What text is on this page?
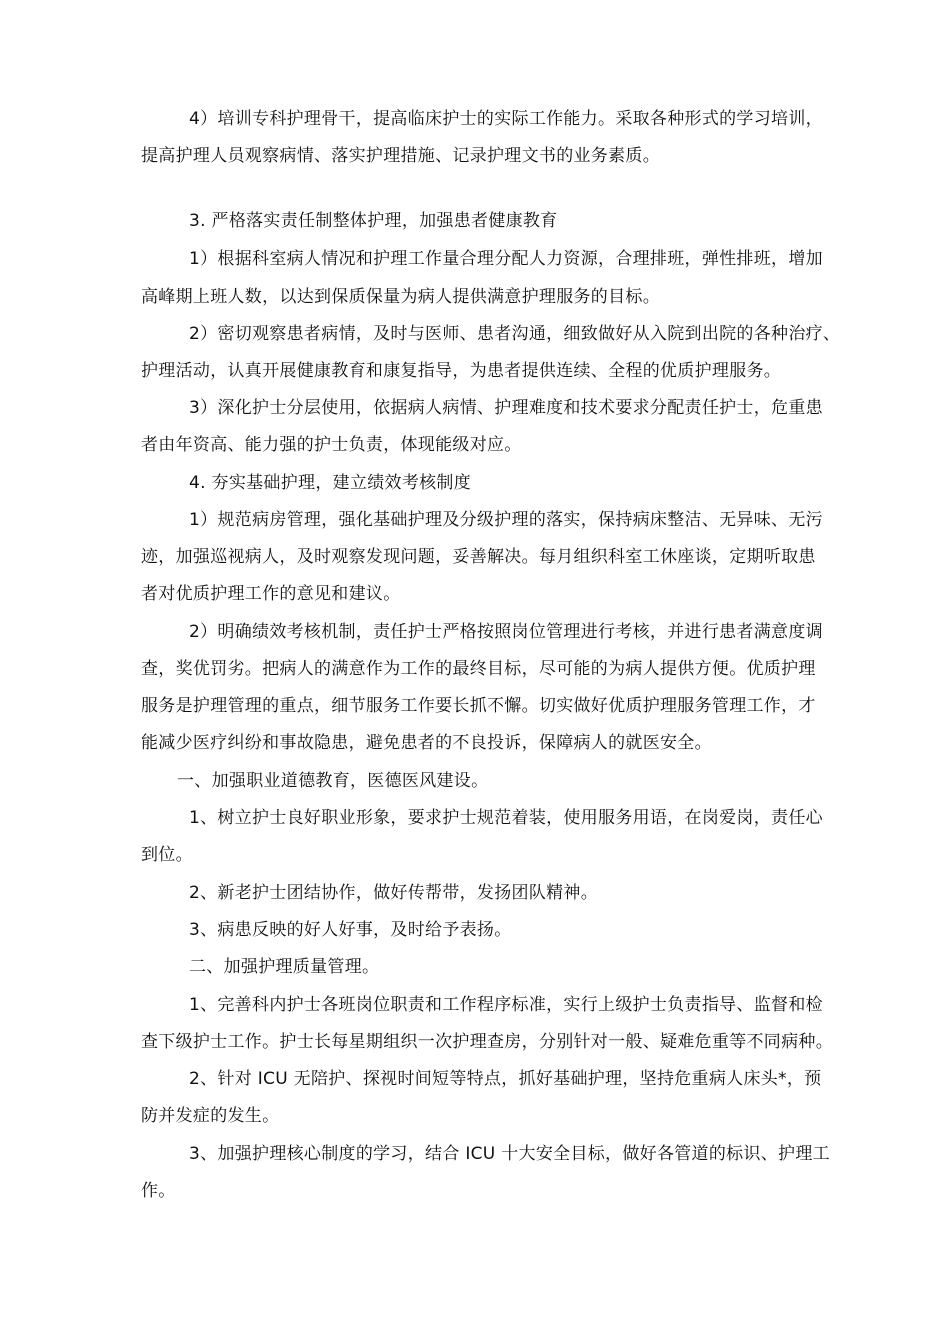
4）培训专科护理骨干，提高临床护士的实际工作能力。采取各种形式的学习培训，
提高护理人员观察病情、落实护理措施、记录护理文书的业务素质。
3. 严格落实责任制整体护理，加强患者健康教育
1）根据科室病人情况和护理工作量合理分配人力资源，合理排班，弹性排班，增加
高峰期上班人数，以达到保质保量为病人提供满意护理服务的目标。
2）密切观察患者病情，及时与医师、患者沟通，细致做好从入院到出院的各种治疗、
护理活动，认真开展健康教育和康复指导，为患者提供连续、全程的优质护理服务。
3）深化护士分层使用，依据病人病情、护理难度和技术要求分配责任护士，危重患
者由年资高、能力强的护士负责，体现能级对应。
4. 夯实基础护理，建立绩效考核制度
1）规范病房管理，强化基础护理及分级护理的落实，保持病床整洁、无异味、无污
迹，加强巡视病人，及时观察发现问题，妥善解决。每月组织科室工休座谈，定期听取患
者对优质护理工作的意见和建议。
2）明确绩效考核机制，责任护士严格按照岗位管理进行考核，并进行患者满意度调
查，奖优罚劣。把病人的满意作为工作的最终目标，尽可能的为病人提供方便。优质护理
服务是护理管理的重点，细节服务工作要长抓不懈。切实做好优质护理服务管理工作，才
能减少医疗纠纷和事故隐患，避免患者的不良投诉，保障病人的就医安全。
一、加强职业道德教育，医德医风建设。
1、树立护士良好职业形象，要求护士规范着装，使用服务用语，在岗爱岗，责任心
到位。
2、新老护士团结协作，做好传帮带，发扬团队精神。
3、病患反映的好人好事，及时给予表扬。
二、加强护理质量管理。
1、完善科内护士各班岗位职责和工作程序标准，实行上级护士负责指导、监督和检
查下级护士工作。护士长每星期组织一次护理查房，分别针对一般、疑难危重等不同病种。
2、针对 ICU 无陪护、探视时间短等特点，抓好基础护理，坚持危重病人床头*，预
防并发症的发生。
3、加强护理核心制度的学习，结合 ICU 十大安全目标，做好各管道的标识、护理工
作。
